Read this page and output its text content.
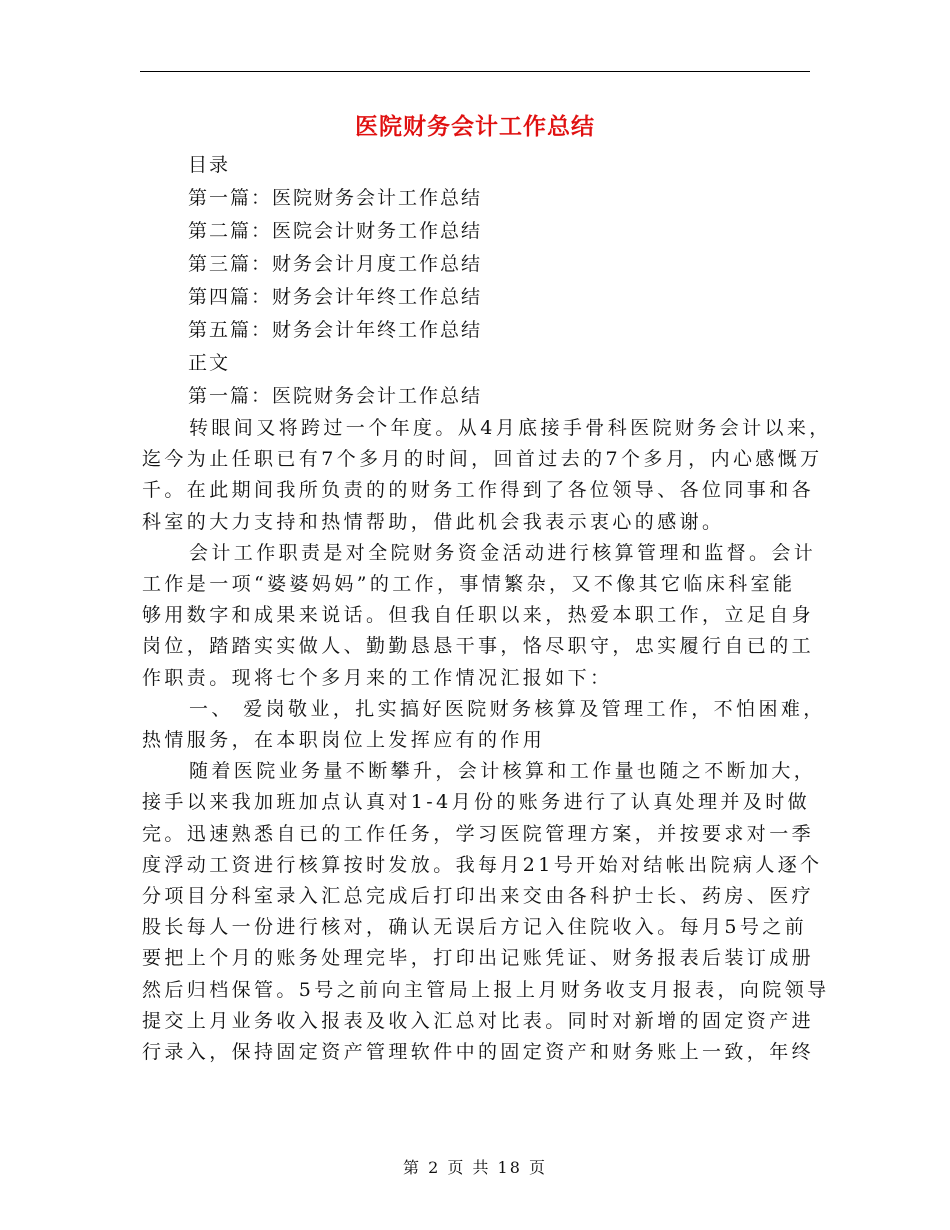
医院财务会计工作总结
目录
第一篇：医院财务会计工作总结
第二篇：医院会计财务工作总结
第三篇：财务会计月度工作总结
第四篇：财务会计年终工作总结
第五篇：财务会计年终工作总结
正文
第一篇：医院财务会计工作总结

转眼间又将跨过一个年度。从4月底接手骨科医院财务会计以来，
迄今为止任职已有7个多月的时间，回首过去的7个多月，内心感慨万
千。在此期间我所负责的的财务工作得到了各位领导、各位同事和各
科室的大力支持和热情帮助，借此机会我表示衷心的感谢。

会计工作职责是对全院财务资金活动进行核算管理和监督。会计
工作是一项“婆婆妈妈”的工作，事情繁杂，又不像其它临床科室能
够用数字和成果来说话。但我自任职以来，热爱本职工作，立足自身
岗位，踏踏实实做人、勤勤恳恳干事，恪尽职守，忠实履行自已的工
作职责。现将七个多月来的工作情况汇报如下：

一、 爱岗敬业，扎实搞好医院财务核算及管理工作，不怕困难，
热情服务，在本职岗位上发挥应有的作用

随着医院业务量不断攀升，会计核算和工作量也随之不断加大，
接手以来我加班加点认真对1-4月份的账务进行了认真处理并及时做
完。迅速熟悉自已的工作任务，学习医院管理方案，并按要求对一季
度浮动工资进行核算按时发放。我每月21号开始对结帐出院病人逐个
分项目分科室录入汇总完成后打印出来交由各科护士长、药房、医疗
股长每人一份进行核对，确认无误后方记入住院收入。每月5号之前
要把上个月的账务处理完毕，打印出记账凭证、财务报表后装订成册
然后归档保管。5号之前向主管局上报上月财务收支月报表，向院领导
提交上月业务收入报表及收入汇总对比表。同时对新增的固定资产进
行录入，保持固定资产管理软件中的固定资产和财务账上一致，年终

第 2 页 共 18 页
